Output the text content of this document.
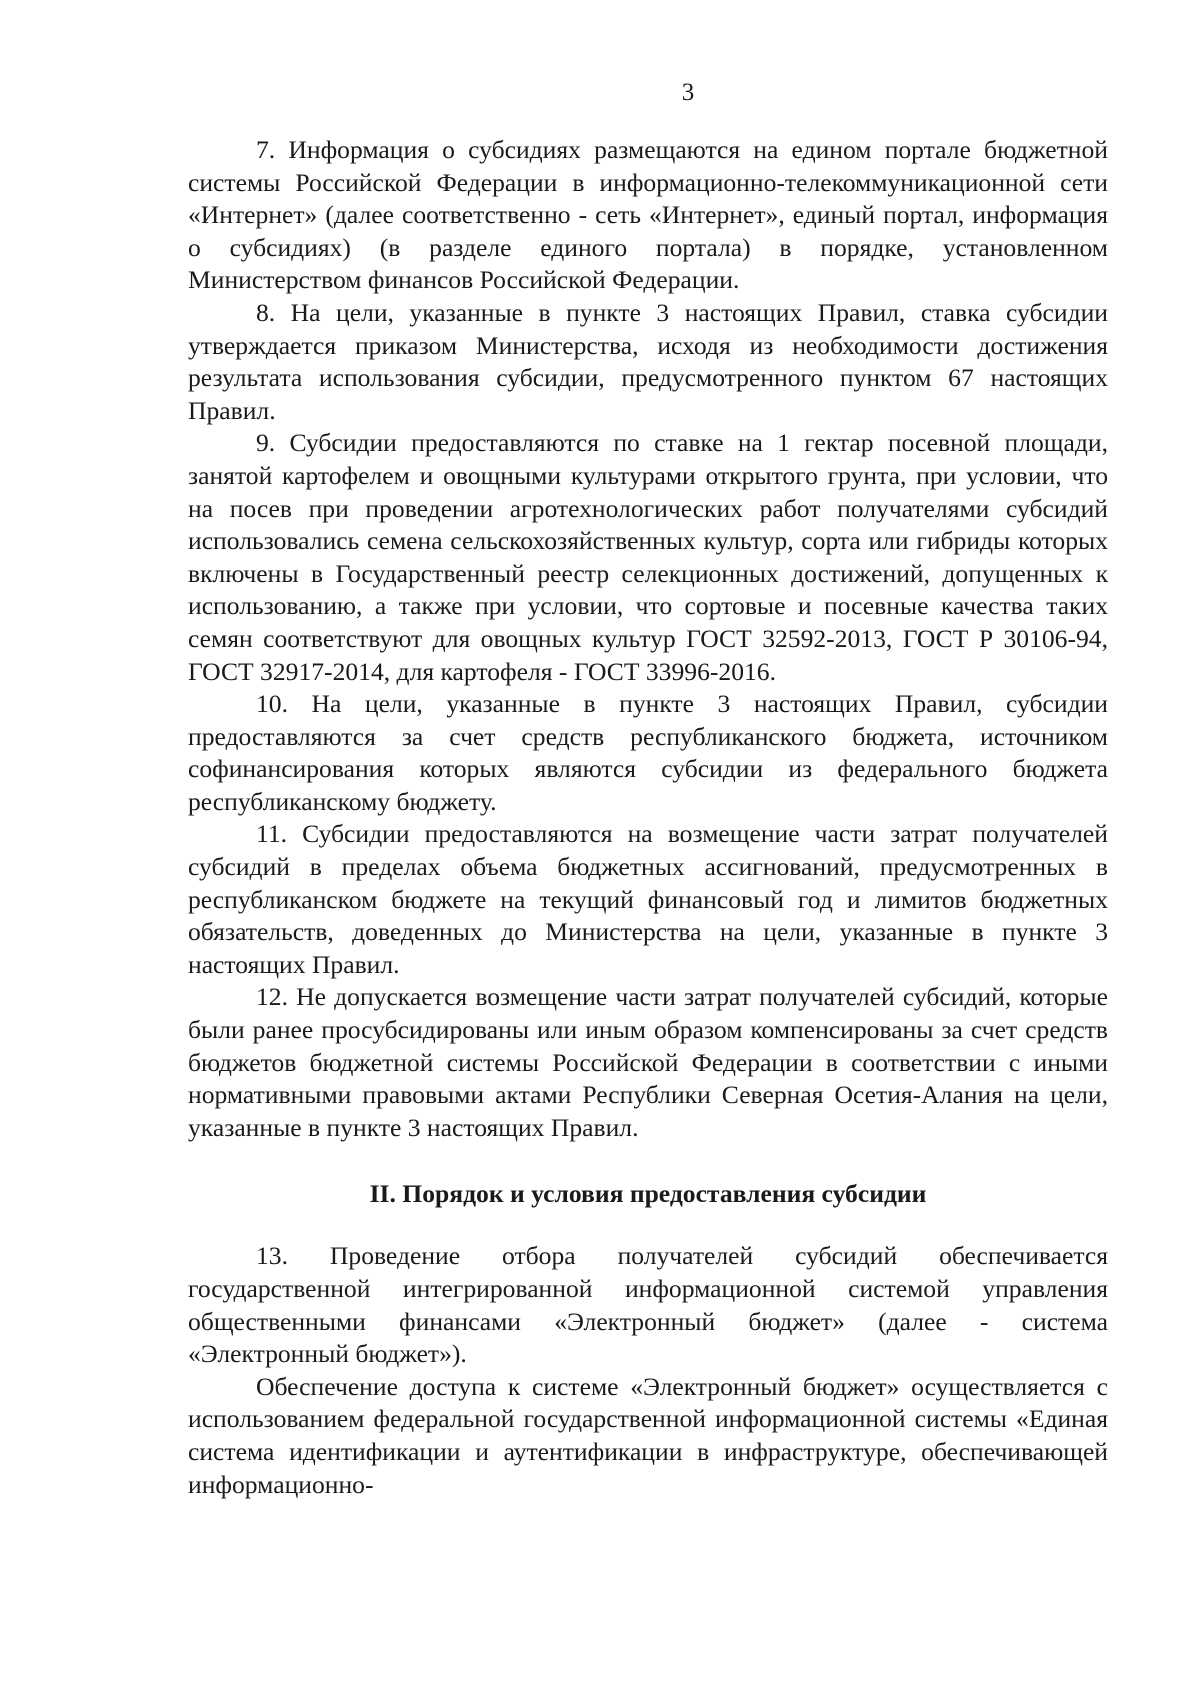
3

7. Информация о субсидиях размещаются на едином портале бюджетной системы Российской Федерации в информационно-телекоммуникационной сети «Интернет» (далее соответственно - сеть «Интернет», единый портал, информация о субсидиях) (в разделе единого портала) в порядке, установленном Министерством финансов Российской Федерации.

8. На цели, указанные в пункте 3 настоящих Правил, ставка субсидии утверждается приказом Министерства, исходя из необходимости достижения результата использования субсидии, предусмотренного пунктом 67 настоящих Правил.

9. Субсидии предоставляются по ставке на 1 гектар посевной площади, занятой картофелем и овощными культурами открытого грунта, при условии, что на посев при проведении агротехнологических работ получателями субсидий использовались семена сельскохозяйственных культур, сорта или гибриды которых включены в Государственный реестр селекционных достижений, допущенных к использованию, а также при условии, что сортовые и посевные качества таких семян соответствуют для овощных культур ГОСТ 32592-2013, ГОСТ Р 30106-94, ГОСТ 32917-2014, для картофеля - ГОСТ 33996-2016.

10. На цели, указанные в пункте 3 настоящих Правил, субсидии предоставляются за счет средств республиканского бюджета, источником софинансирования которых являются субсидии из федерального бюджета республиканскому бюджету.

11. Субсидии предоставляются на возмещение части затрат получателей субсидий в пределах объема бюджетных ассигнований, предусмотренных в республиканском бюджете на текущий финансовый год и лимитов бюджетных обязательств, доведенных до Министерства на цели, указанные в пункте 3 настоящих Правил.

12. Не допускается возмещение части затрат получателей субсидий, которые были ранее просубсидированы или иным образом компенсированы за счет средств бюджетов бюджетной системы Российской Федерации в соответствии с иными нормативными правовыми актами Республики Северная Осетия-Алания на цели, указанные в пункте 3 настоящих Правил.

II. Порядок и условия предоставления субсидии

13. Проведение отбора получателей субсидий обеспечивается государственной интегрированной информационной системой управления общественными финансами «Электронный бюджет» (далее - система «Электронный бюджет»).

Обеспечение доступа к системе «Электронный бюджет» осуществляется с использованием федеральной государственной информационной системы «Единая система идентификации и аутентификации в инфраструктуре, обеспечивающей информационно-
